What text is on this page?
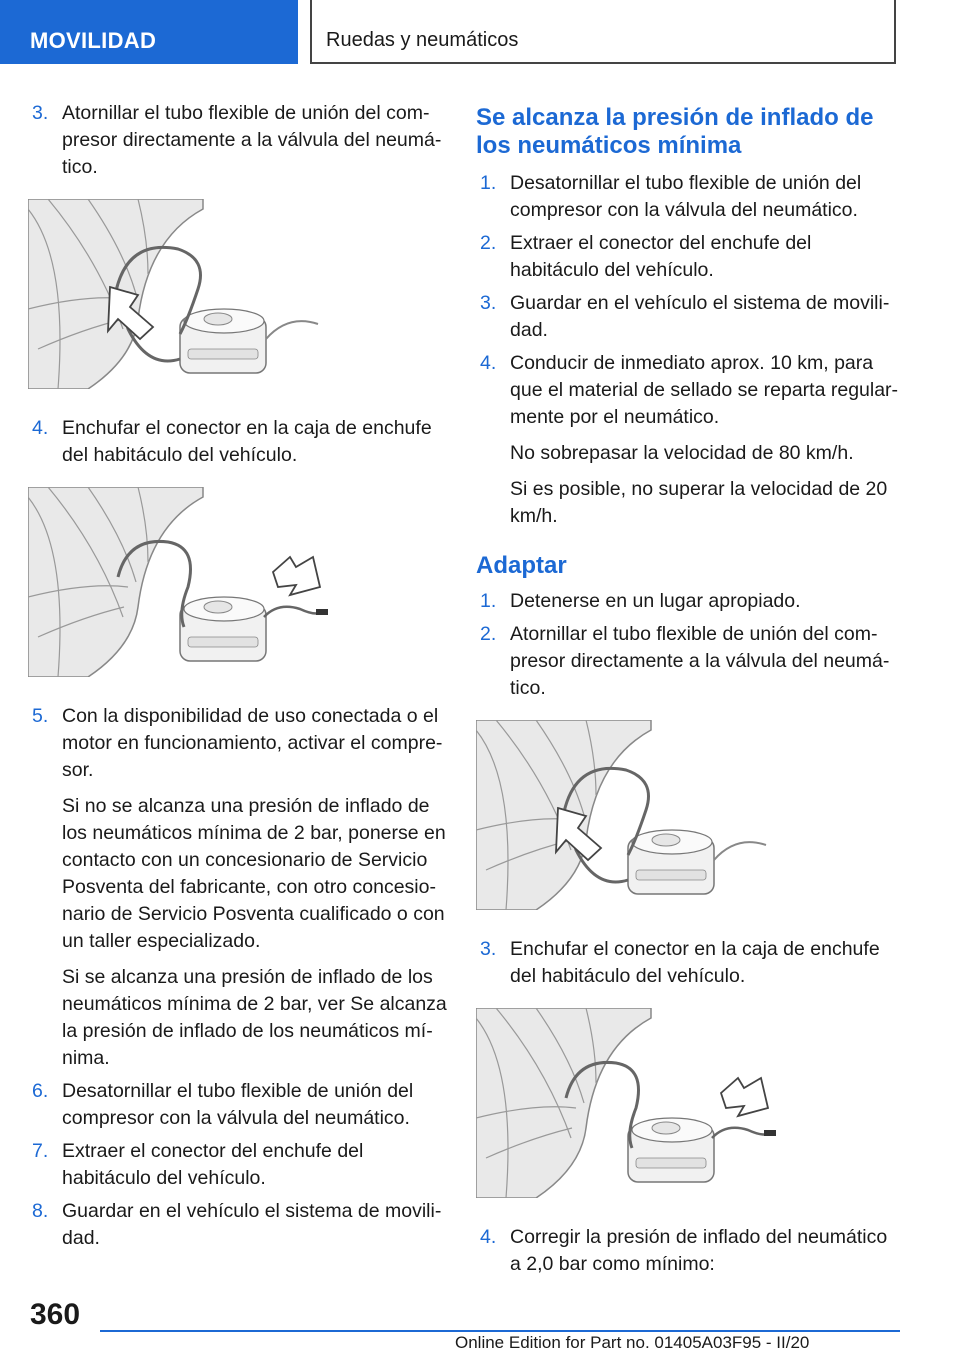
MOVILIDAD	Ruedas y neumáticos
3. Atornillar el tubo flexible de unión del com-presor directamente a la válvula del neumá-tico.

4. Enchufar el conector en la caja de enchufe del habitáculo del vehículo.

5. Con la disponibilidad de uso conectada o el motor en funcionamiento, activar el compre-sor.

Si no se alcanza una presión de inflado de los neumáticos mínima de 2 bar, ponerse en contacto con un concesionario de Servicio Posventa del fabricante, con otro concesio-nario de Servicio Posventa cualificado o con un taller especializado.

Si se alcanza una presión de inflado de los neumáticos mínima de 2 bar, ver Se alcanza la presión de inflado de los neumáticos mí-nima.

6. Desatornillar el tubo flexible de unión del compresor con la válvula del neumático.

7. Extraer el conector del enchufe del habitáculo del vehículo.

8. Guardar en el vehículo el sistema de movili-dad.

Se alcanza la presión de inflado de los neumáticos mínima
1. Desatornillar el tubo flexible de unión del compresor con la válvula del neumático.

2. Extraer el conector del enchufe del habitáculo del vehículo.

3. Guardar en el vehículo el sistema de movili-dad.

4. Conducir de inmediato aprox. 10 km, para que el material de sellado se reparta regular-mente por el neumático.

No sobrepasar la velocidad de 80 km/h.

Si es posible, no superar la velocidad de 20 km/h.

Adaptar
1. Detenerse en un lugar apropiado.

2. Atornillar el tubo flexible de unión del com-presor directamente a la válvula del neumá-tico.

3. Enchufar el conector en la caja de enchufe del habitáculo del vehículo.

4. Corregir la presión de inflado del neumático a 2,0 bar como mínimo:

360
Online Edition for Part no. 01405A03F95 - II/20
